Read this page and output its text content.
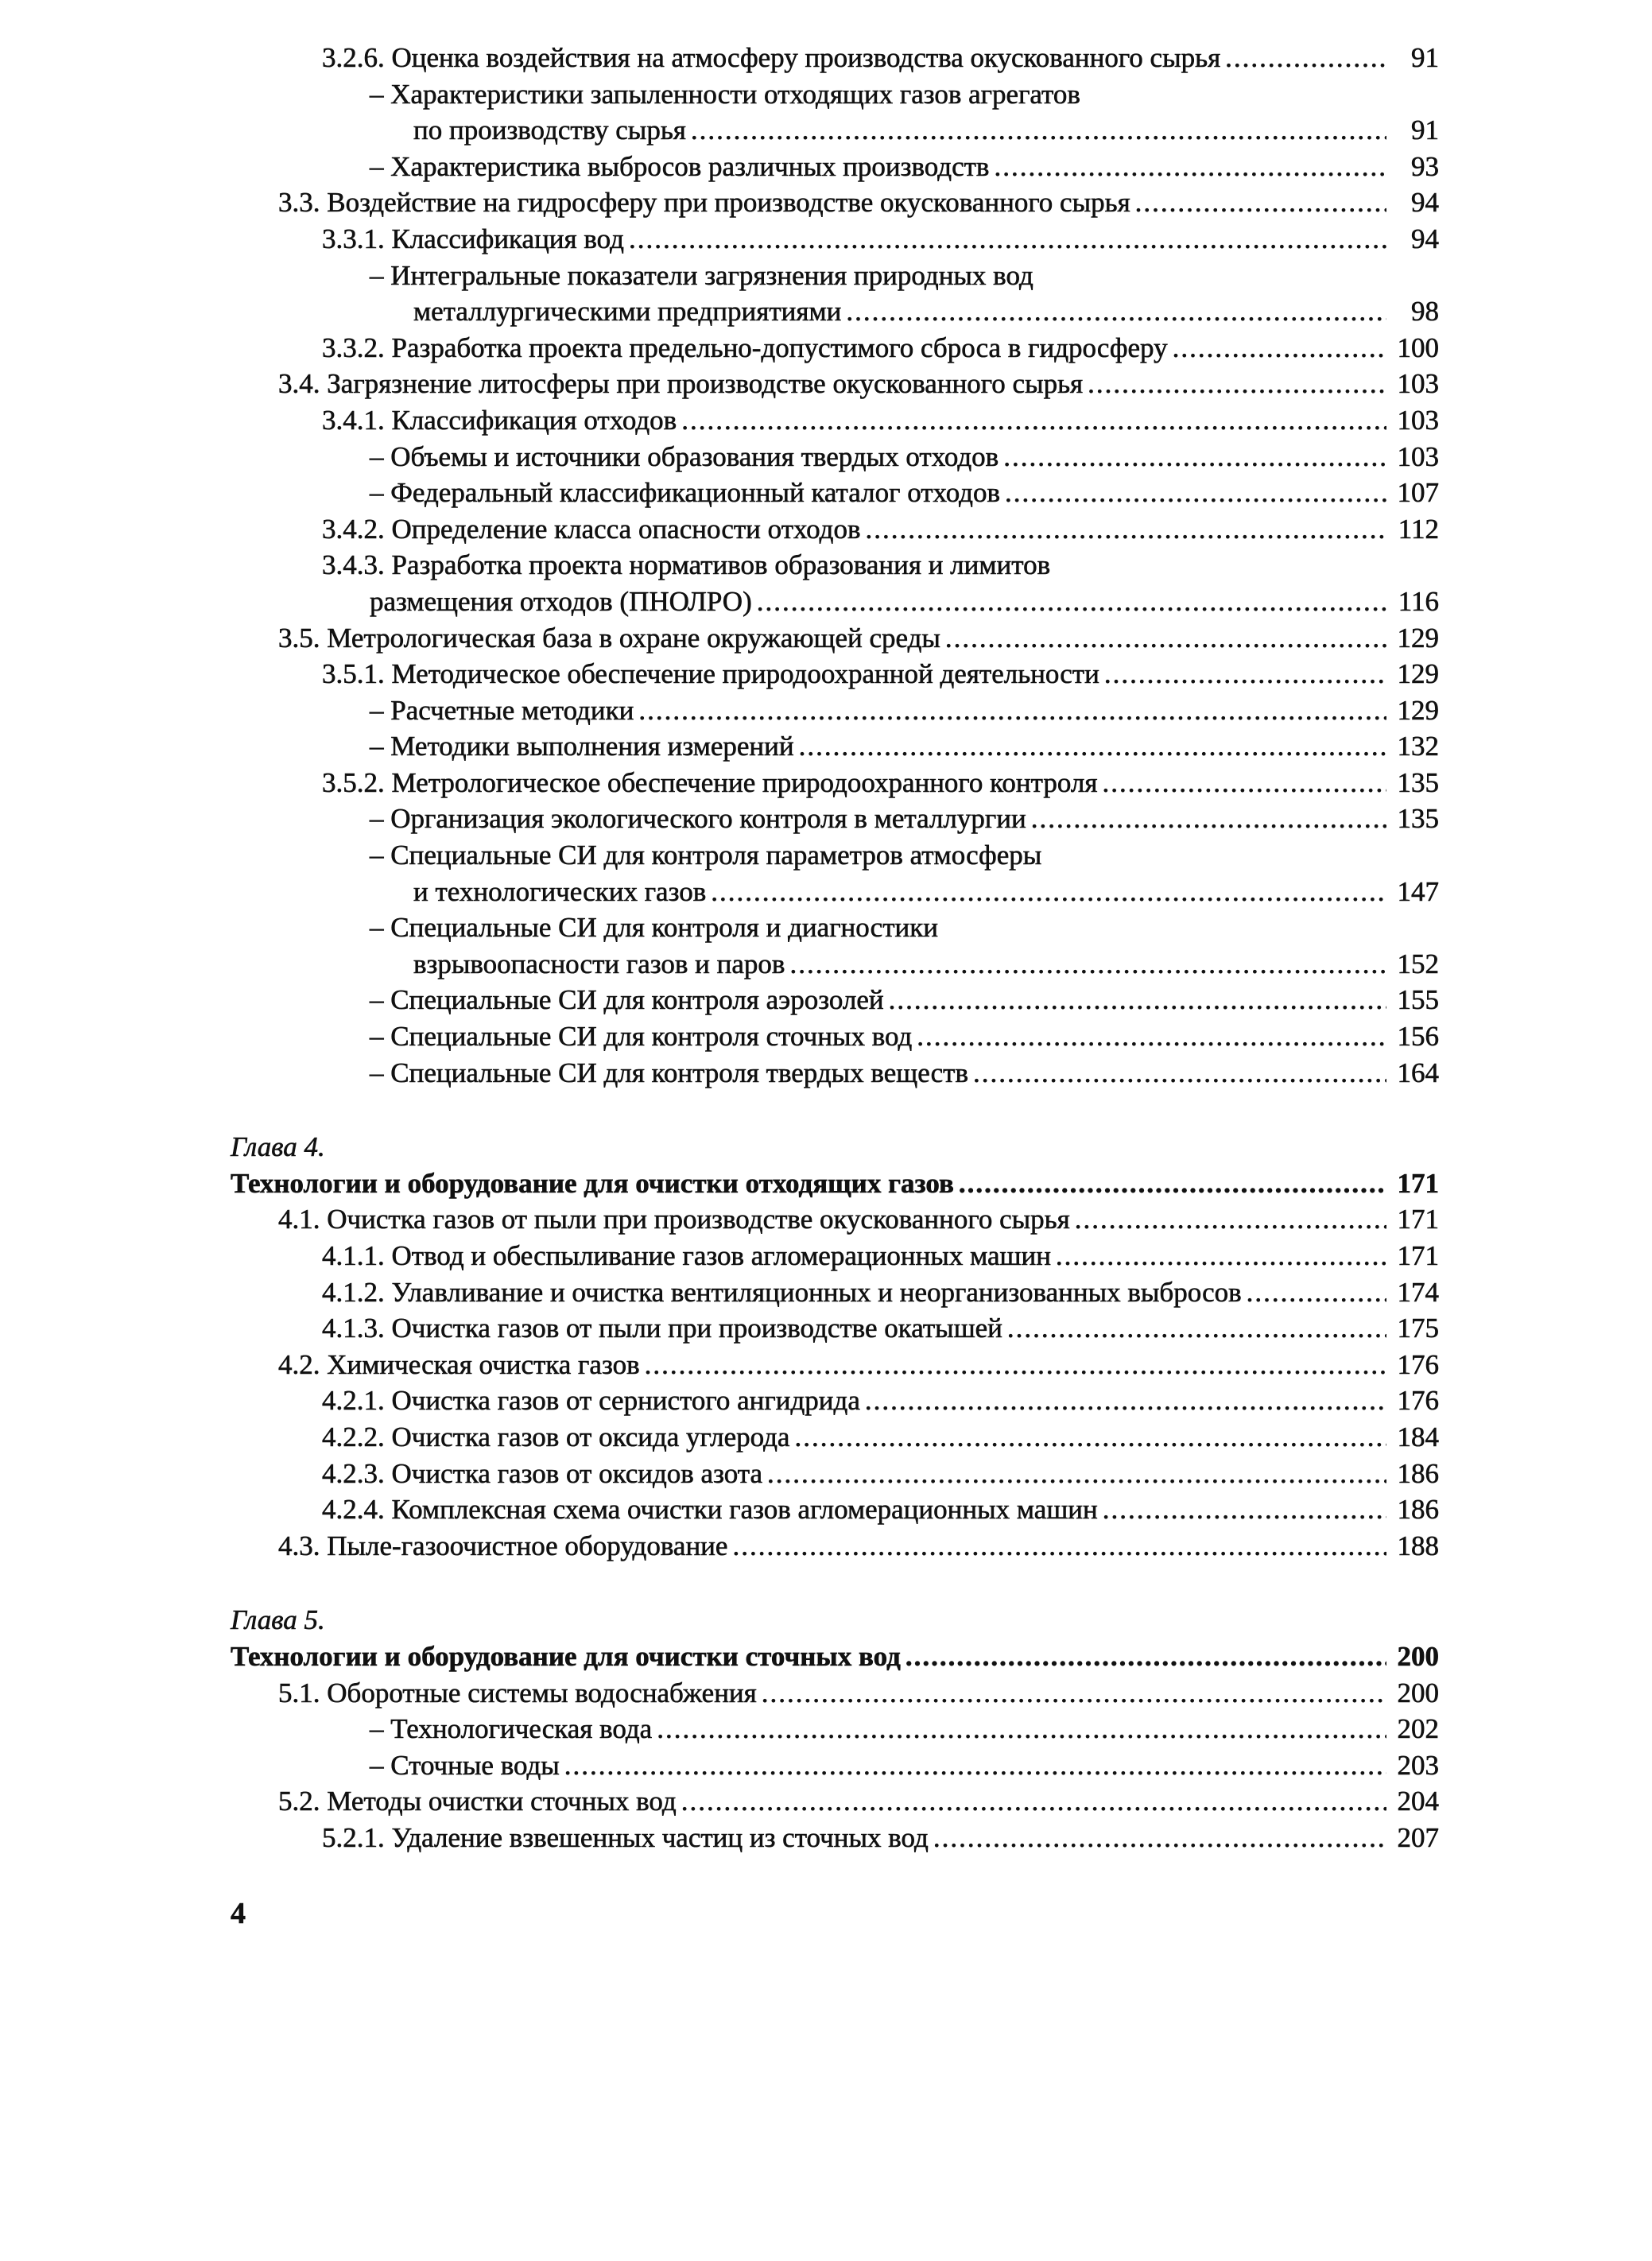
3.2.6. Оценка воздействия на атмосферу производства окускованного сырья .....	91
– Характеристики запыленности отходящих газов агрегатов
по производству сырья .....	91
– Характеристика выбросов различных производств .....	93
3.3. Воздействие на гидросферу при производстве окускованного сырья .....	94
3.3.1. Классификация вод .....	94
– Интегральные показатели загрязнения природных вод
металлургическими предприятиями .....	98
3.3.2. Разработка проекта предельно-допустимого сброса в гидросферу .....	100
3.4. Загрязнение литосферы при производстве окускованного сырья .....	103
3.4.1. Классификация отходов .....	103
– Объемы и источники образования твердых отходов .....	103
– Федеральный классификационный каталог отходов .....	107
3.4.2. Определение класса опасности отходов .....	112
3.4.3. Разработка проекта нормативов образования и лимитов
размещения отходов (ПНОЛРО) .....	116
3.5. Метрологическая база в охране окружающей среды .....	129
3.5.1. Методическое обеспечение природоохранной деятельности .....	129
– Расчетные методики .....	129
– Методики выполнения измерений .....	132
3.5.2. Метрологическое обеспечение природоохранного контроля .....	135
– Организация экологического контроля в металлургии .....	135
– Специальные СИ для контроля параметров атмосферы
и технологических газов .....	147
– Специальные СИ для контроля и диагностики
взрывоопасности газов и паров .....	152
– Специальные СИ для контроля аэрозолей .....	155
– Специальные СИ для контроля сточных вод .....	156
– Специальные СИ для контроля твердых веществ .....	164
Глава 4.
Технологии и оборудование для очистки отходящих газов .....	171
4.1. Очистка газов от пыли при производстве окускованного сырья .....	171
4.1.1. Отвод и обеспыливание газов агломерационных машин .....	171
4.1.2. Улавливание и очистка вентиляционных и неорганизованных выбросов .....	174
4.1.3. Очистка газов от пыли при производстве окатышей .....	175
4.2. Химическая очистка газов .....	176
4.2.1. Очистка газов от сернистого ангидрида .....	176
4.2.2. Очистка газов от оксида углерода .....	184
4.2.3. Очистка газов от оксидов азота .....	186
4.2.4. Комплексная схема очистки газов агломерационных машин .....	186
4.3. Пыле-газоочистное оборудование .....	188
Глава 5.
Технологии и оборудование для очистки сточных вод .....	200
5.1. Оборотные системы водоснабжения .....	200
– Технологическая вода .....	202
– Сточные воды .....	203
5.2. Методы очистки сточных вод .....	204
5.2.1. Удаление взвешенных частиц из сточных вод .....	207
4
